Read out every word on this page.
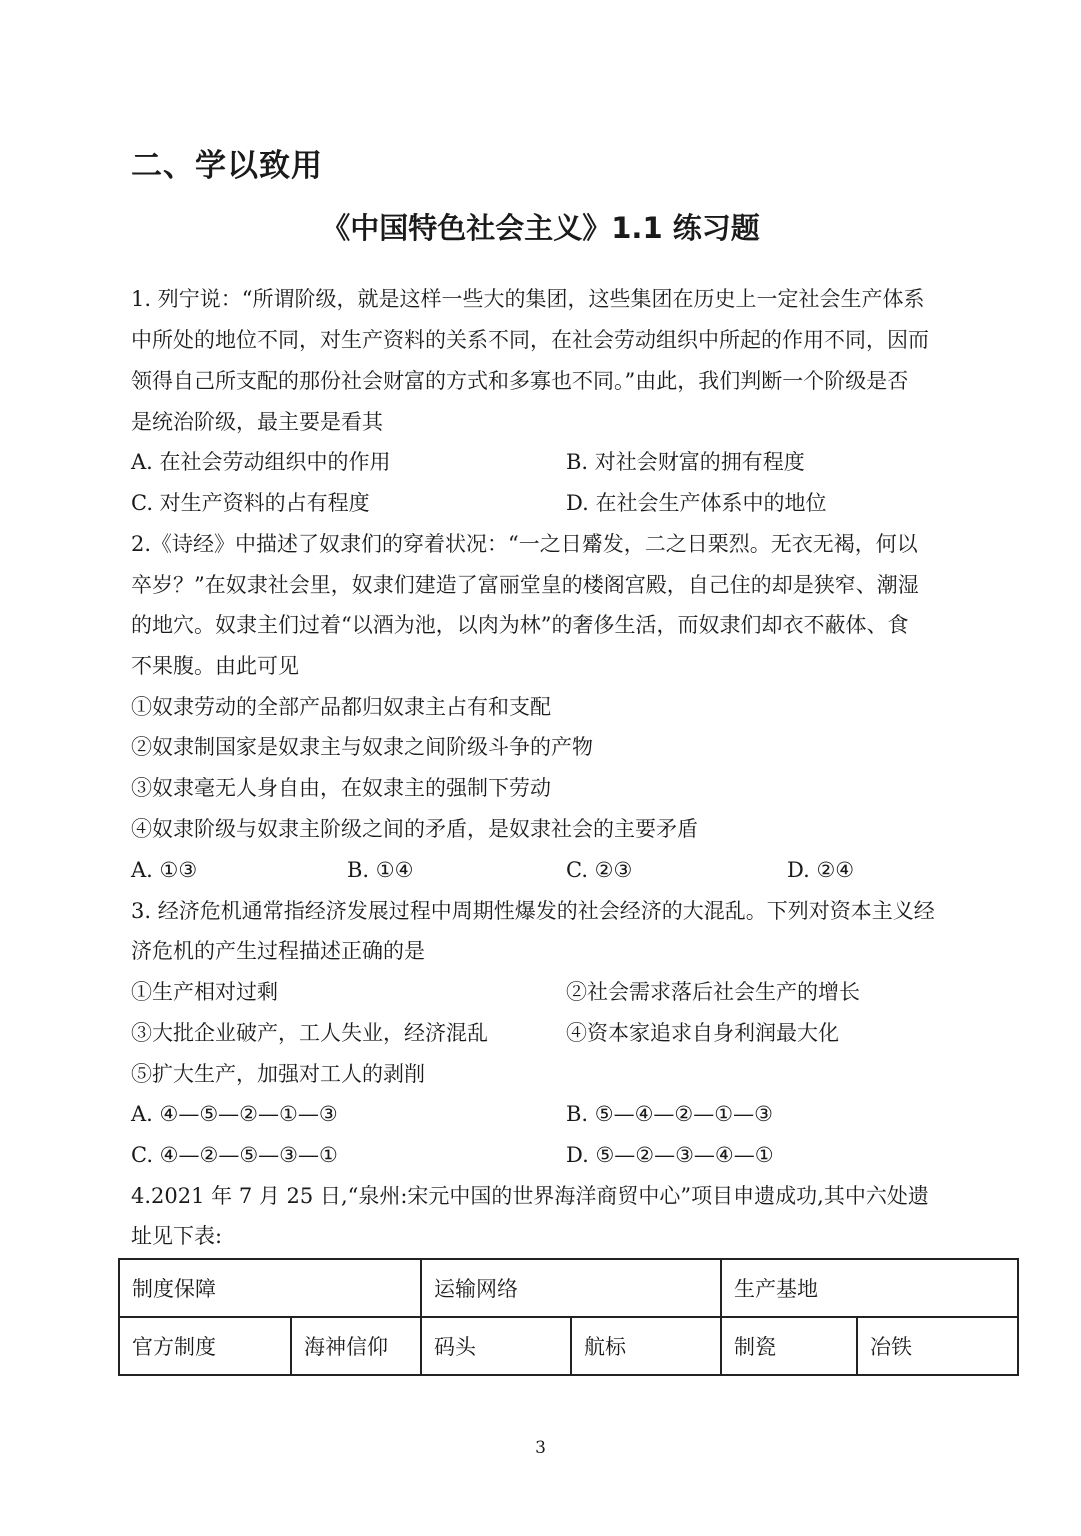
二、学以致用
《中国特色社会主义》1.1 练习题
1. 列宁说：“所谓阶级，就是这样一些大的集团，这些集团在历史上一定社会生产体系
中所处的地位不同，对生产资料的关系不同，在社会劳动组织中所起的作用不同，因而
领得自己所支配的那份社会财富的方式和多寡也不同。”由此，我们判断一个阶级是否
是统治阶级，最主要是看其
A. 在社会劳动组织中的作用	B. 对社会财富的拥有程度
C. 对生产资料的占有程度	D. 在社会生产体系中的地位
2.《诗经》中描述了奴隶们的穿着状况：“一之日觱发，二之日栗烈。无衣无褐，何以
卒岁？”在奴隶社会里，奴隶们建造了富丽堂皇的楼阁宫殿，自己住的却是狭窄、潮湿
的地穴。奴隶主们过着“以酒为池，以肉为林”的奢侈生活，而奴隶们却衣不蔽体、食
不果腹。由此可见
①奴隶劳动的全部产品都归奴隶主占有和支配
②奴隶制国家是奴隶主与奴隶之间阶级斗争的产物
③奴隶毫无人身自由，在奴隶主的强制下劳动
④奴隶阶级与奴隶主阶级之间的矛盾，是奴隶社会的主要矛盾
A. ①③	B. ①④	C. ②③	D. ②④
3. 经济危机通常指经济发展过程中周期性爆发的社会经济的大混乱。下列对资本主义经
济危机的产生过程描述正确的是
①生产相对过剩	②社会需求落后社会生产的增长
③大批企业破产，工人失业，经济混乱	④资本家追求自身利润最大化
⑤扩大生产，加强对工人的剥削
A. ④—⑤—②—①—③	B. ⑤—④—②—①—③
C. ④—②—⑤—③—①	D. ⑤—②—③—④—①
4.2021 年 7 月 25 日,“泉州:宋元中国的世界海洋商贸中心”项目申遗成功,其中六处遗
址见下表:
制度保障		运输网络		生产基地	
官方制度	海神信仰	码头	航标	制瓷	冶铁
3
